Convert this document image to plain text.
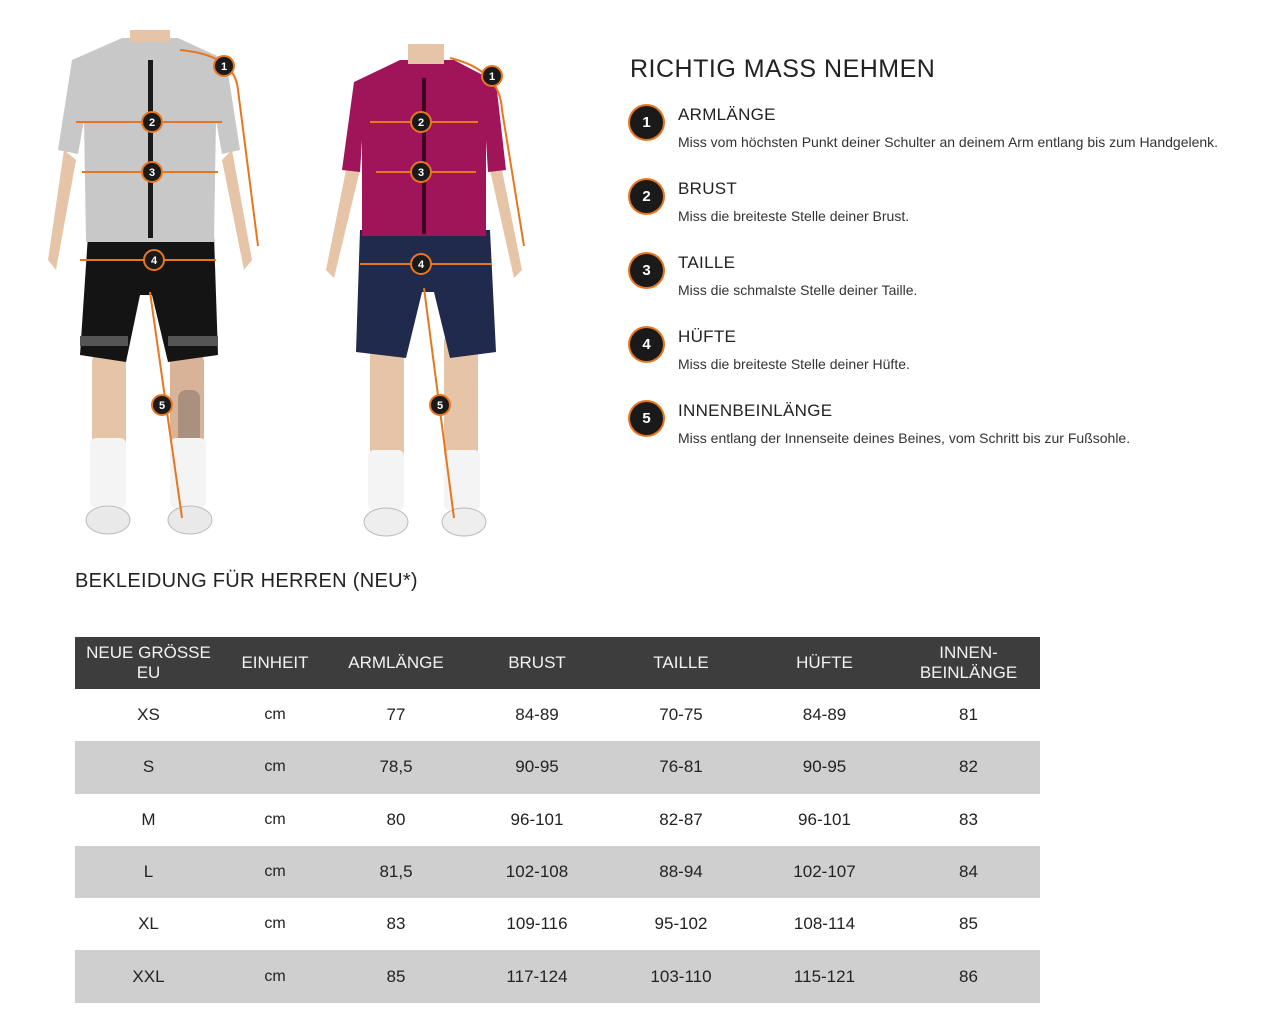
1
2
3
4
5
1
2
3
4
5
RICHTIG MASS NEHMEN
1	ARMLÄNGE
Miss vom höchsten Punkt deiner Schulter an deinem Arm entlang bis zum Handgelenk.
2	BRUST
Miss die breiteste Stelle deiner Brust.
3	TAILLE
Miss die schmalste Stelle deiner Taille.
4	HÜFTE
Miss die breiteste Stelle deiner Hüfte.
5	INNENBEINLÄNGE
Miss entlang der Innenseite deines Beines, vom Schritt bis zur Fußsohle.
BEKLEIDUNG FÜR HERREN (NEU*)
NEUE GRÖSSE
EU	EINHEIT	ARMLÄNGE	BRUST	TAILLE	HÜFTE	INNEN-
BEINLÄNGE
XS	cm	77	84-89	70-75	84-89	81
S	cm	78,5	90-95	76-81	90-95	82
M	cm	80	96-101	82-87	96-101	83
L	cm	81,5	102-108	88-94	102-107	84
XL	cm	83	109-116	95-102	108-114	85
XXL	cm	85	117-124	103-110	115-121	86
